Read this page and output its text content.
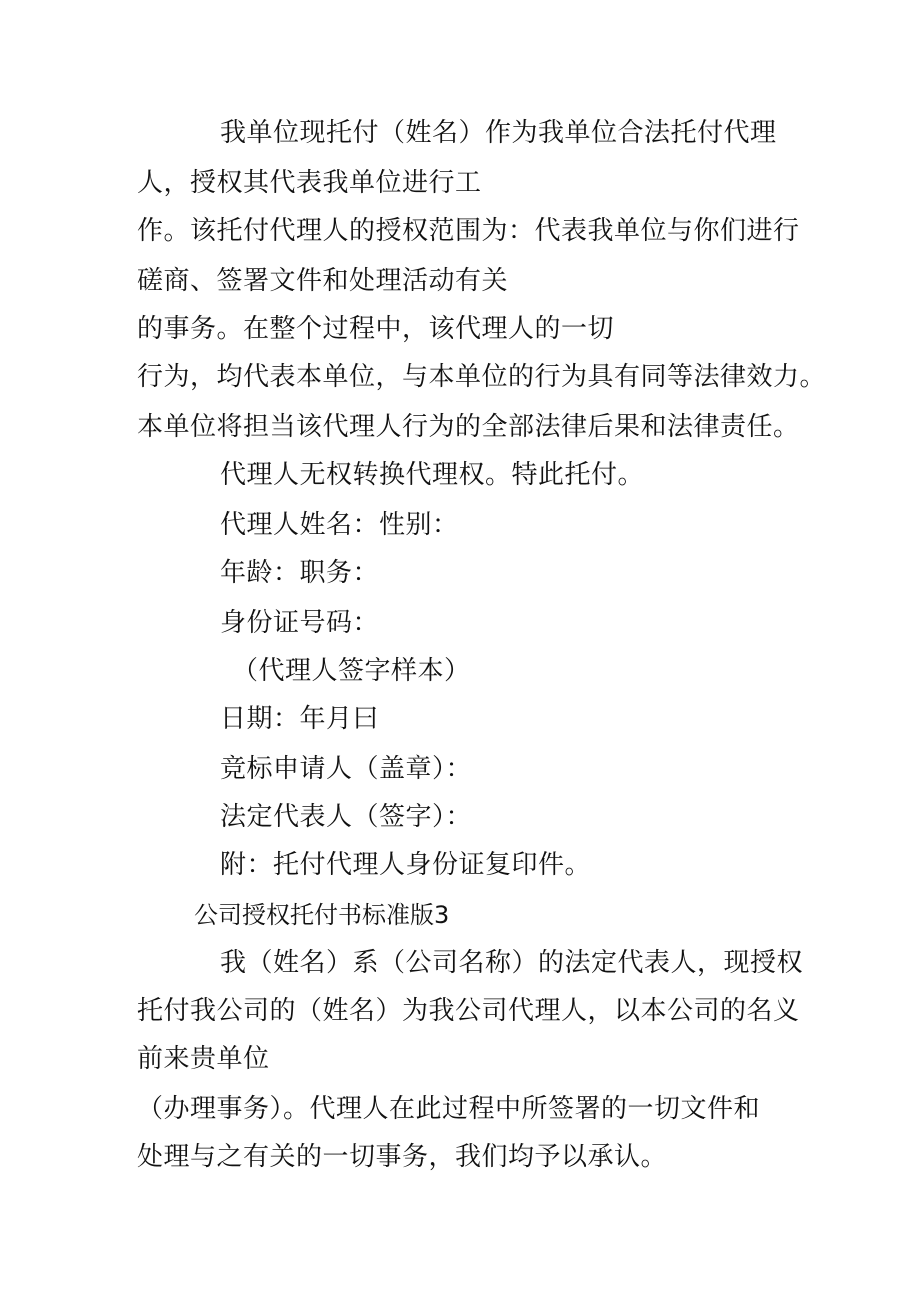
我单位现托付（姓名）作为我单位合法托付代理
人，授权其代表我单位进行工
作。该托付代理人的授权范围为：代表我单位与你们进行
磋商、签署文件和处理活动有关
的事务。在整个过程中，该代理人的一切
行为，均代表本单位，与本单位的行为具有同等法律效力。
本单位将担当该代理人行为的全部法律后果和法律责任。
代理人无权转换代理权。特此托付。
代理人姓名：性别：
年龄：职务：
身份证号码：
（代理人签字样本）
日期：年月曰
竞标申请人（盖章）：
法定代表人（签字）：
附：托付代理人身份证复印件。
公司授权托付书标准版3
我（姓名）系（公司名称）的法定代表人，现授权
托付我公司的（姓名）为我公司代理人，以本公司的名义
前来贵单位
（办理事务）。代理人在此过程中所签署的一切文件和
处理与之有关的一切事务，我们均予以承认。
